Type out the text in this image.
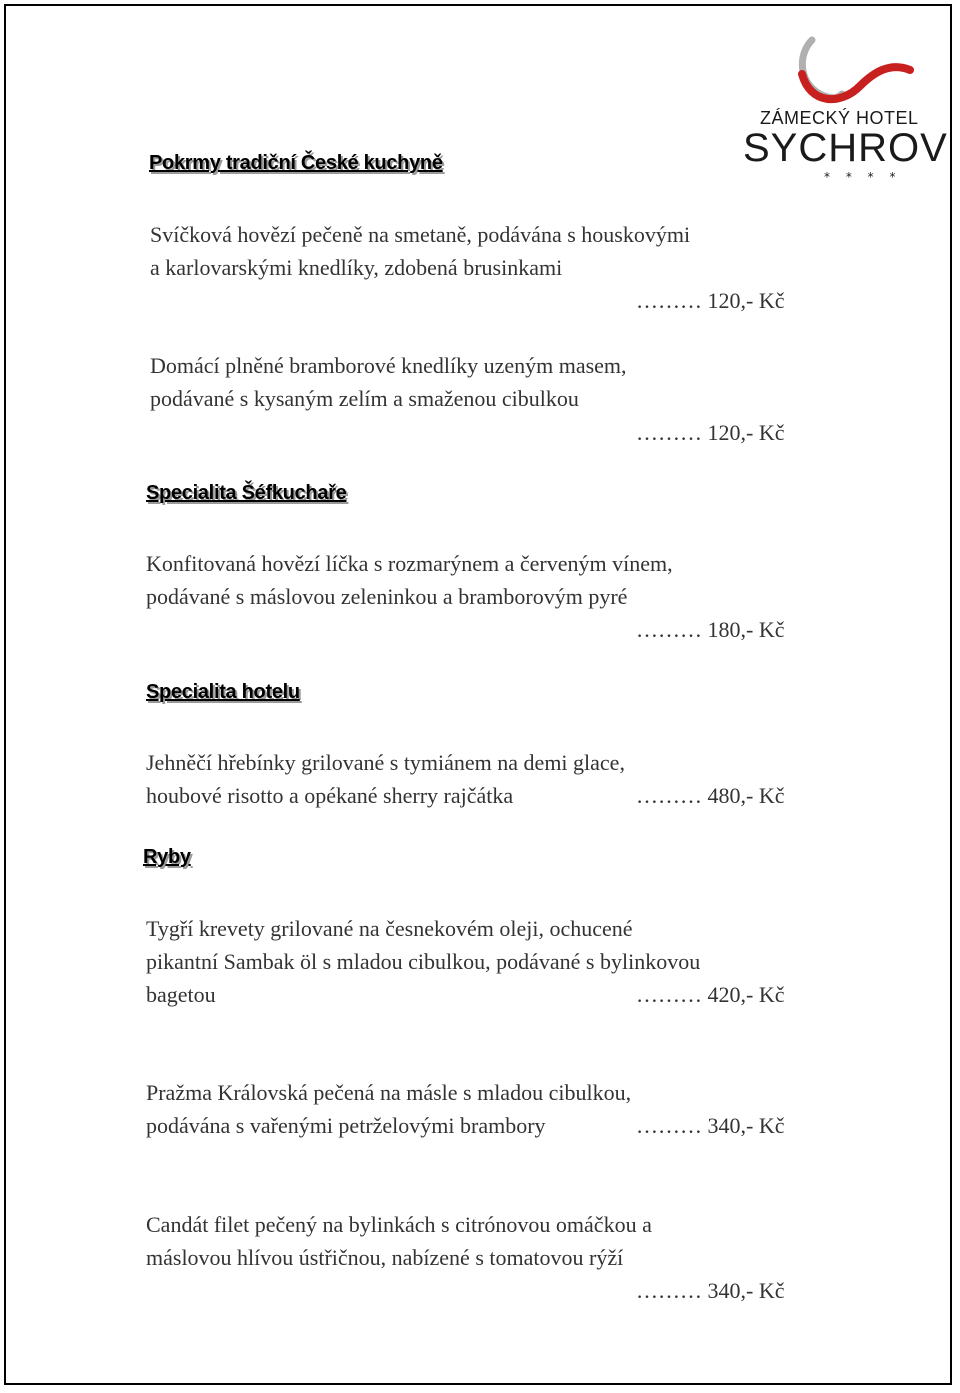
ZÁMECKÝ HOTEL
SYCHROV
* * * *
Pokrmy tradiční České kuchyně
Svíčková hovězí pečeně na smetaně, podávána s houskovými
a karlovarskými knedlíky, zdobená brusinkami
……… 120,- Kč
Domácí plněné bramborové knedlíky uzeným masem,
podávané s kysaným zelím a smaženou cibulkou
……… 120,- Kč
Specialita Šéfkuchaře
Konfitovaná hovězí líčka s rozmarýnem a červeným vínem,
podávané s máslovou zeleninkou a bramborovým pyré
……… 180,- Kč
Specialita hotelu
Jehněčí hřebínky grilované s tymiánem na demi glace,
houbové risotto a opékané sherry rajčátka	……… 480,- Kč
Ryby
Tygří krevety grilované na česnekovém oleji, ochucené
pikantní Sambak öl s mladou cibulkou, podávané s bylinkovou
bagetou	……… 420,- Kč
Pražma Královská pečená na másle s mladou cibulkou,
podávána s vařenými petrželovými brambory	……… 340,- Kč
Candát filet pečený na bylinkách s citrónovou omáčkou a
máslovou hlívou ústřičnou, nabízené s tomatovou rýží
……… 340,- Kč
